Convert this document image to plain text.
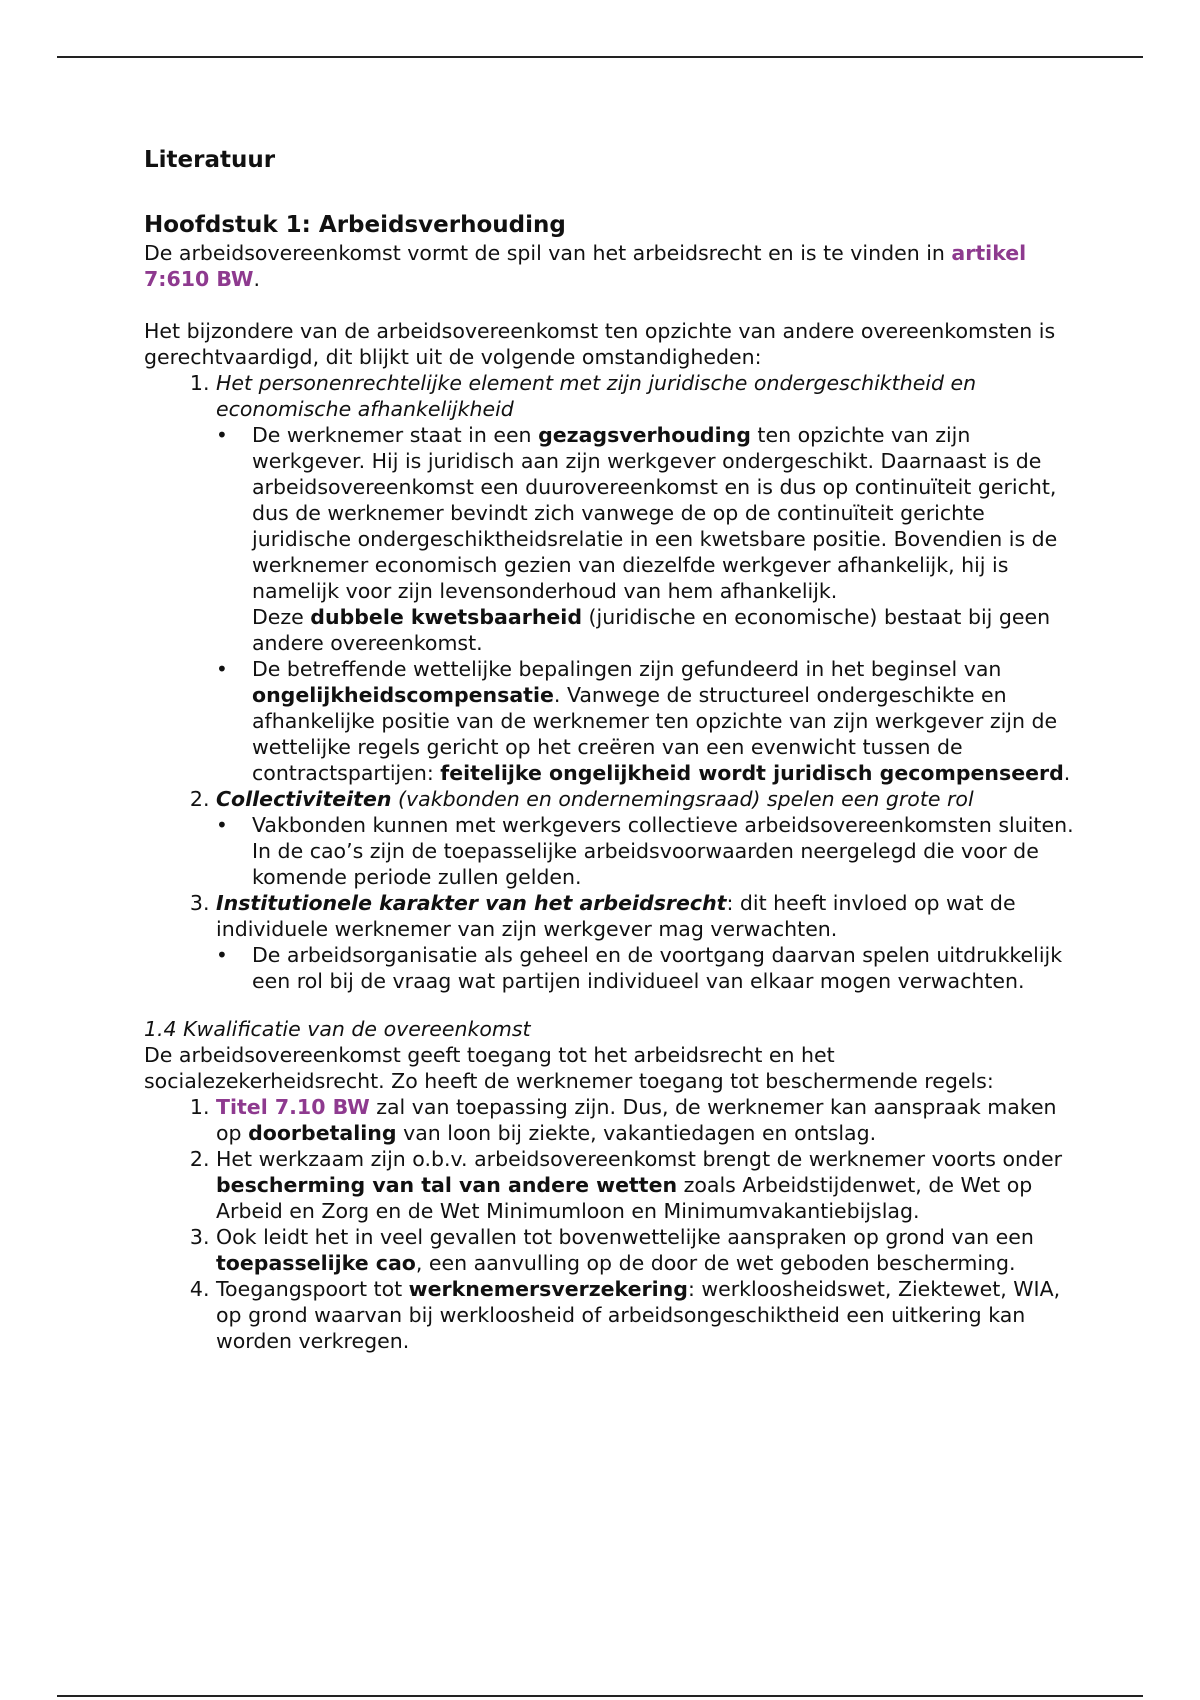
Literatuur
Hoofdstuk 1: Arbeidsverhouding

De arbeidsovereenkomst vormt de spil van het arbeidsrecht en is te vinden in artikel 7:610 BW.

Het bijzondere van de arbeidsovereenkomst ten opzichte van andere overeenkomsten is gerechtvaardigd, dit blijkt uit de volgende omstandigheden:

1. Het personenrechtelijke element met zijn juridische ondergeschiktheid en economische afhankelijkheid
• De werknemer staat in een gezagsverhouding ten opzichte van zijn werkgever. Hij is juridisch aan zijn werkgever ondergeschikt. Daarnaast is de arbeidsovereenkomst een duurovereenkomst en is dus op continuïteit gericht, dus de werknemer bevindt zich vanwege de op de continuïteit gerichte juridische ondergeschiktheidsrelatie in een kwetsbare positie. Bovendien is de werknemer economisch gezien van diezelfde werkgever afhankelijk, hij is namelijk voor zijn levensonderhoud van hem afhankelijk.
Deze dubbele kwetsbaarheid (juridische en economische) bestaat bij geen andere overeenkomst.
• De betreffende wettelijke bepalingen zijn gefundeerd in het beginsel van ongelijkheidscompensatie. Vanwege de structureel ondergeschikte en afhankelijke positie van de werknemer ten opzichte van zijn werkgever zijn de wettelijke regels gericht op het creëren van een evenwicht tussen de contractspartijen: feitelijke ongelijkheid wordt juridisch gecompenseerd.
2. Collectiviteiten (vakbonden en ondernemingsraad) spelen een grote rol
• Vakbonden kunnen met werkgevers collectieve arbeidsovereenkomsten sluiten. In de cao’s zijn de toepasselijke arbeidsvoorwaarden neergelegd die voor de komende periode zullen gelden.
3. Institutionele karakter van het arbeidsrecht: dit heeft invloed op wat de individuele werknemer van zijn werkgever mag verwachten.
• De arbeidsorganisatie als geheel en de voortgang daarvan spelen uitdrukkelijk een rol bij de vraag wat partijen individueel van elkaar mogen verwachten.

1.4 Kwalificatie van de overeenkomst

De arbeidsovereenkomst geeft toegang tot het arbeidsrecht en het socialezekerheidsrecht. Zo heeft de werknemer toegang tot beschermende regels:

1. Titel 7.10 BW zal van toepassing zijn. Dus, de werknemer kan aanspraak maken op doorbetaling van loon bij ziekte, vakantiedagen en ontslag.
2. Het werkzaam zijn o.b.v. arbeidsovereenkomst brengt de werknemer voorts onder bescherming van tal van andere wetten zoals Arbeidstijdenwet, de Wet op Arbeid en Zorg en de Wet Minimumloon en Minimumvakantiebijslag.
3. Ook leidt het in veel gevallen tot bovenwettelijke aanspraken op grond van een toepasselijke cao, een aanvulling op de door de wet geboden bescherming.
4. Toegangspoort tot werknemersverzekering: werkloosheidswet, Ziektewet, WIA, op grond waarvan bij werkloosheid of arbeidsongeschiktheid een uitkering kan worden verkregen.
